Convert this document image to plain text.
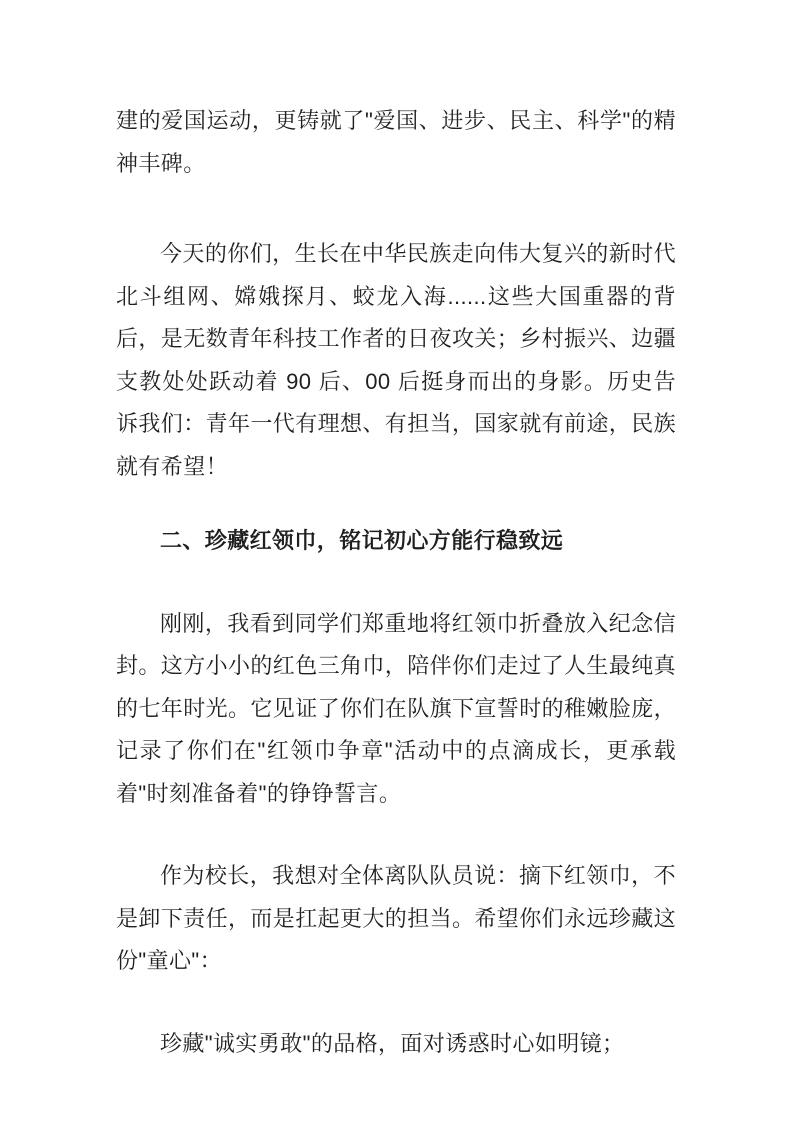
建的爱国运动，更铸就了"爱国、进步、民主、科学"的精神丰碑。

今天的你们，生长在中华民族走向伟大复兴的新时代北斗组网、嫦娥探月、蛟龙入海......这些大国重器的背后，是无数青年科技工作者的日夜攻关；乡村振兴、边疆支教处处跃动着 90 后、00 后挺身而出的身影。历史告诉我们：青年一代有理想、有担当，国家就有前途，民族就有希望！

二、珍藏红领巾，铭记初心方能行稳致远

刚刚，我看到同学们郑重地将红领巾折叠放入纪念信封。这方小小的红色三角巾，陪伴你们走过了人生最纯真的七年时光。它见证了你们在队旗下宣誓时的稚嫩脸庞，记录了你们在"红领巾争章"活动中的点滴成长，更承载着"时刻准备着"的铮铮誓言。

作为校长，我想对全体离队队员说：摘下红领巾，不是卸下责任，而是扛起更大的担当。希望你们永远珍藏这份"童心"：

珍藏"诚实勇敢"的品格，面对诱惑时心如明镜；
